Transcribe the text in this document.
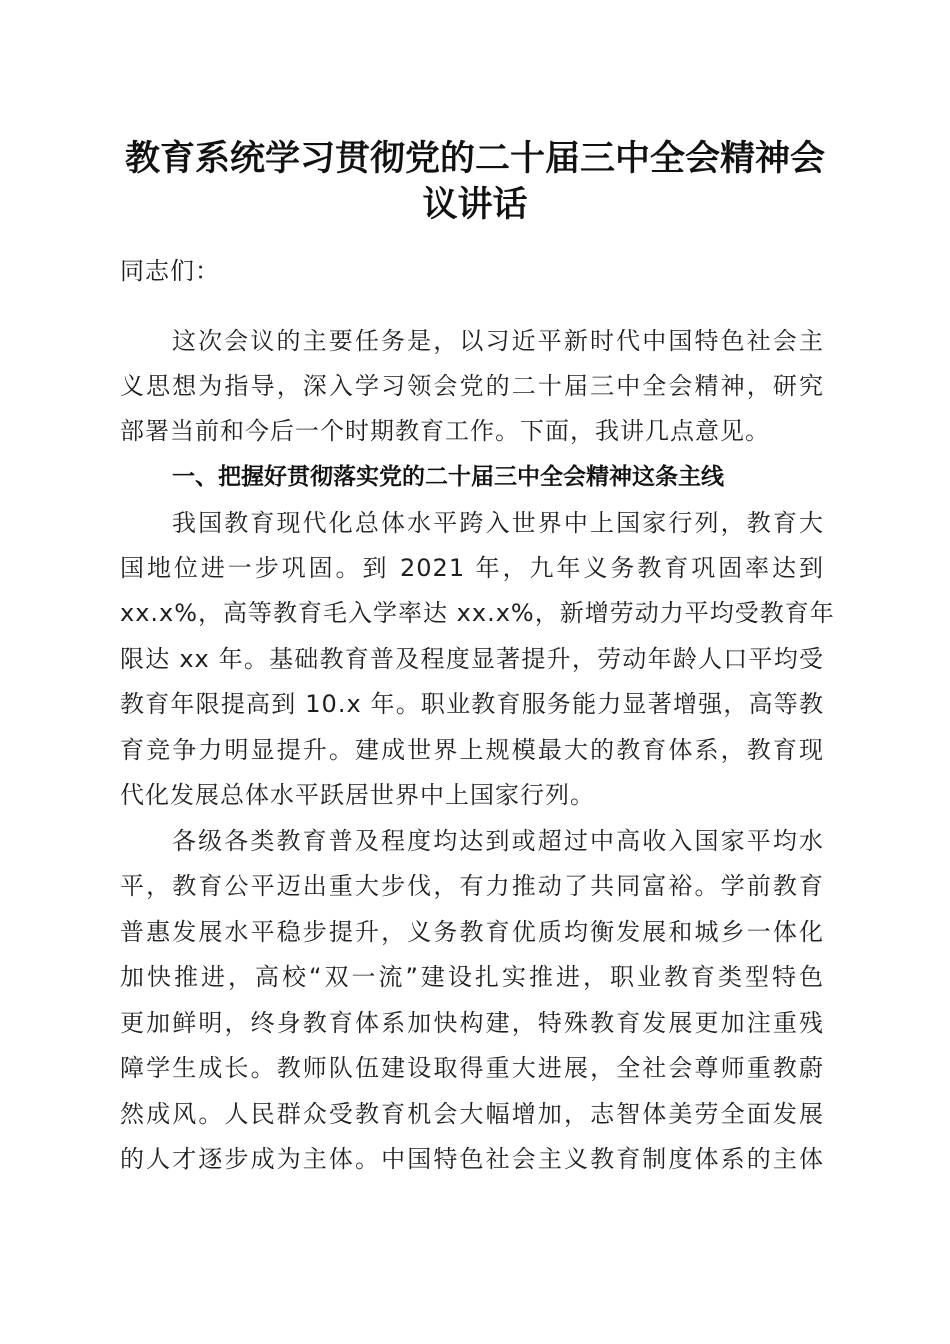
教育系统学习贯彻党的二十届三中全会精神会
议讲话
同志们：
这次会议的主要任务是，以习近平新时代中国特色社会主
义思想为指导，深入学习领会党的二十届三中全会精神，研究
部署当前和今后一个时期教育工作。下面，我讲几点意见。
一、把握好贯彻落实党的二十届三中全会精神这条主线
我国教育现代化总体水平跨入世界中上国家行列，教育大
国地位进一步巩固。到 2021 年，九年义务教育巩固率达到
xx.x%，高等教育毛入学率达 xx.x%，新增劳动力平均受教育年
限达 xx 年。基础教育普及程度显著提升，劳动年龄人口平均受
教育年限提高到 10.x 年。职业教育服务能力显著增强，高等教
育竞争力明显提升。建成世界上规模最大的教育体系，教育现
代化发展总体水平跃居世界中上国家行列。
各级各类教育普及程度均达到或超过中高收入国家平均水
平，教育公平迈出重大步伐，有力推动了共同富裕。学前教育
普惠发展水平稳步提升，义务教育优质均衡发展和城乡一体化
加快推进，高校“双一流”建设扎实推进，职业教育类型特色
更加鲜明，终身教育体系加快构建，特殊教育发展更加注重残
障学生成长。教师队伍建设取得重大进展，全社会尊师重教蔚
然成风。人民群众受教育机会大幅增加，志智体美劳全面发展
的人才逐步成为主体。中国特色社会主义教育制度体系的主体
